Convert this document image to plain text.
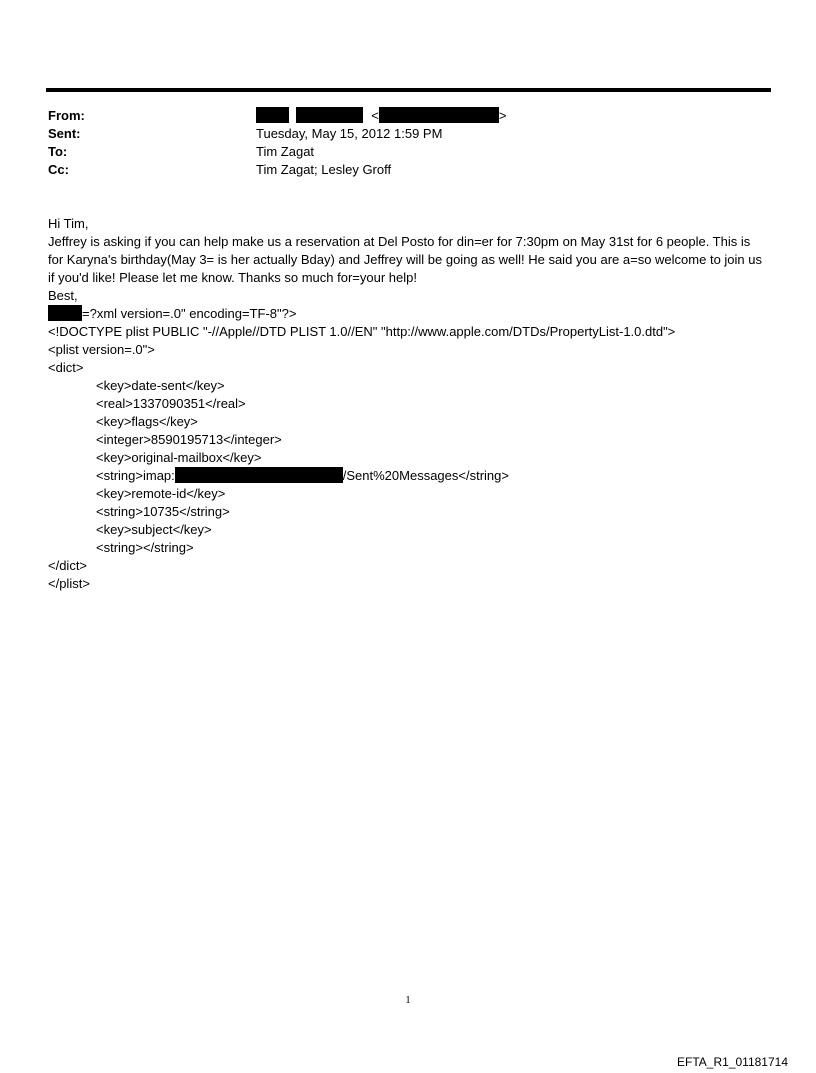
From:	<	>
Sent:	Tuesday, May 15, 2012 1:59 PM
To:	Tim Zagat
Cc:	Tim Zagat; Lesley Groff

Hi Tim,

Jeffrey is asking if you can help make us a reservation at Del Posto for din=er for 7:30pm on May 31st for 6 people. This is for Karyna's birthday(May 3= is her actually Bday) and Jeffrey will be going as well! He said you are a=so welcome to join us if you'd like! Please let me know. Thanks so much for=your help!

Best,

=?xml version=.0" encoding=TF-8"?>

<!DOCTYPE plist PUBLIC "-//Apple//DTD PLIST 1.0//EN" "http://www.apple.com/DTDs/PropertyList-1.0.dtd">

<plist version=.0">

<dict>

<key>date-sent</key>

<real>1337090351</real>

<key>flags</key>

<integer>8590195713</integer>

<key>original-mailbox</key>

<string>imap:	/Sent%20Messages</string>

<key>remote-id</key>

<string>10735</string>

<key>subject</key>

<string></string>

</dict>

</plist>

1
EFTA_R1_01181714
